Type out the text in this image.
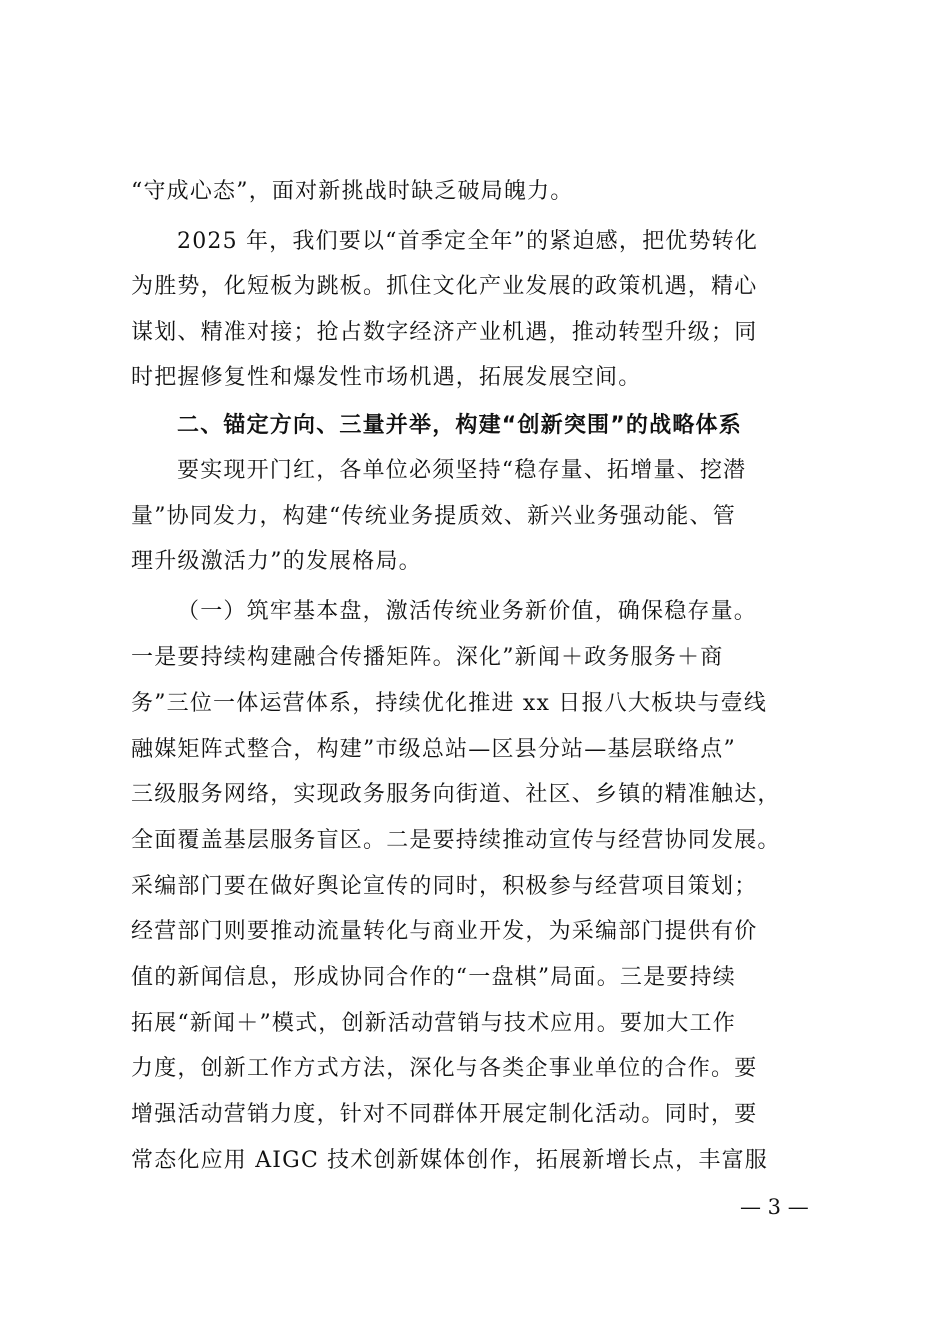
“守成心态”，面对新挑战时缺乏破局魄力。
2025 年，我们要以“首季定全年”的紧迫感，把优势转化
为胜势，化短板为跳板。抓住文化产业发展的政策机遇，精心
谋划、精准对接；抢占数字经济产业机遇，推动转型升级；同
时把握修复性和爆发性市场机遇，拓展发展空间。
二、锚定方向、三量并举，构建“创新突围”的战略体系
要实现开门红，各单位必须坚持“稳存量、拓增量、挖潜
量”协同发力，构建“传统业务提质效、新兴业务强动能、管
理升级激活力”的发展格局。
（一）筑牢基本盘，激活传统业务新价值，确保稳存量。
一是要持续构建融合传播矩阵。深化”新闻＋政务服务＋商
务”三位一体运营体系，持续优化推进 xx 日报八大板块与壹线
融媒矩阵式整合，构建”市级总站—区县分站—基层联络点”
三级服务网络，实现政务服务向街道、社区、乡镇的精准触达，
全面覆盖基层服务盲区。二是要持续推动宣传与经营协同发展。
采编部门要在做好舆论宣传的同时，积极参与经营项目策划；
经营部门则要推动流量转化与商业开发，为采编部门提供有价
值的新闻信息，形成协同合作的“一盘棋”局面。三是要持续
拓展“新闻＋”模式，创新活动营销与技术应用。要加大工作
力度，创新工作方式方法，深化与各类企事业单位的合作。要
增强活动营销力度，针对不同群体开展定制化活动。同时，要
常态化应用 AIGC 技术创新媒体创作，拓展新增长点，丰富服
— 3 —
